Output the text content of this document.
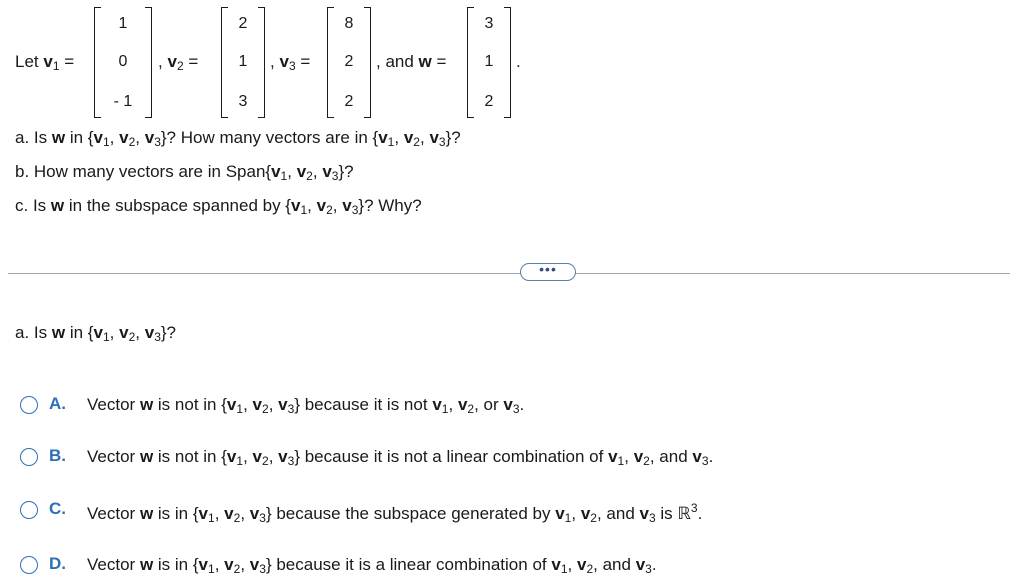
Let $v_1$ =
1
0
- 1
, $v_2$ =
2
1
3
, $v_3$ =
8
2
2
, and w =
3
1
2
.
a. Is w in {$v_1$, $v_2$, $v_3$}? How many vectors are in {$v_1$, $v_2$, $v_3$}?
b. How many vectors are in $Span\{v_1$, $v_2$, $v_3$}?
c. Is w in the subspace spanned by {$v_1$, $v_2$, $v_3$}? Why?
•••
a. Is w in {$v_1$, $v_2$, $v_3$}?
A. Vector w is not in {$v_1$, $v_2$, $v_3$} because it is not $v_1$, $v_2$, or $v_3$.
B. Vector w is not in {$v_1$, $v_2$, $v_3$} because it is not a linear combination of $v_1$, $v_2$, and $v_3$.
C. Vector w is in {$v_1$, $v_2$, $v_3$} because the subspace generated by $v_1$, $v_2$, and $v_3$ is ℝ$^3$.
D. Vector w is in {$v_1$, $v_2$, $v_3$} because it is a linear combination of $v_1$, $v_2$, and $v_3$.
